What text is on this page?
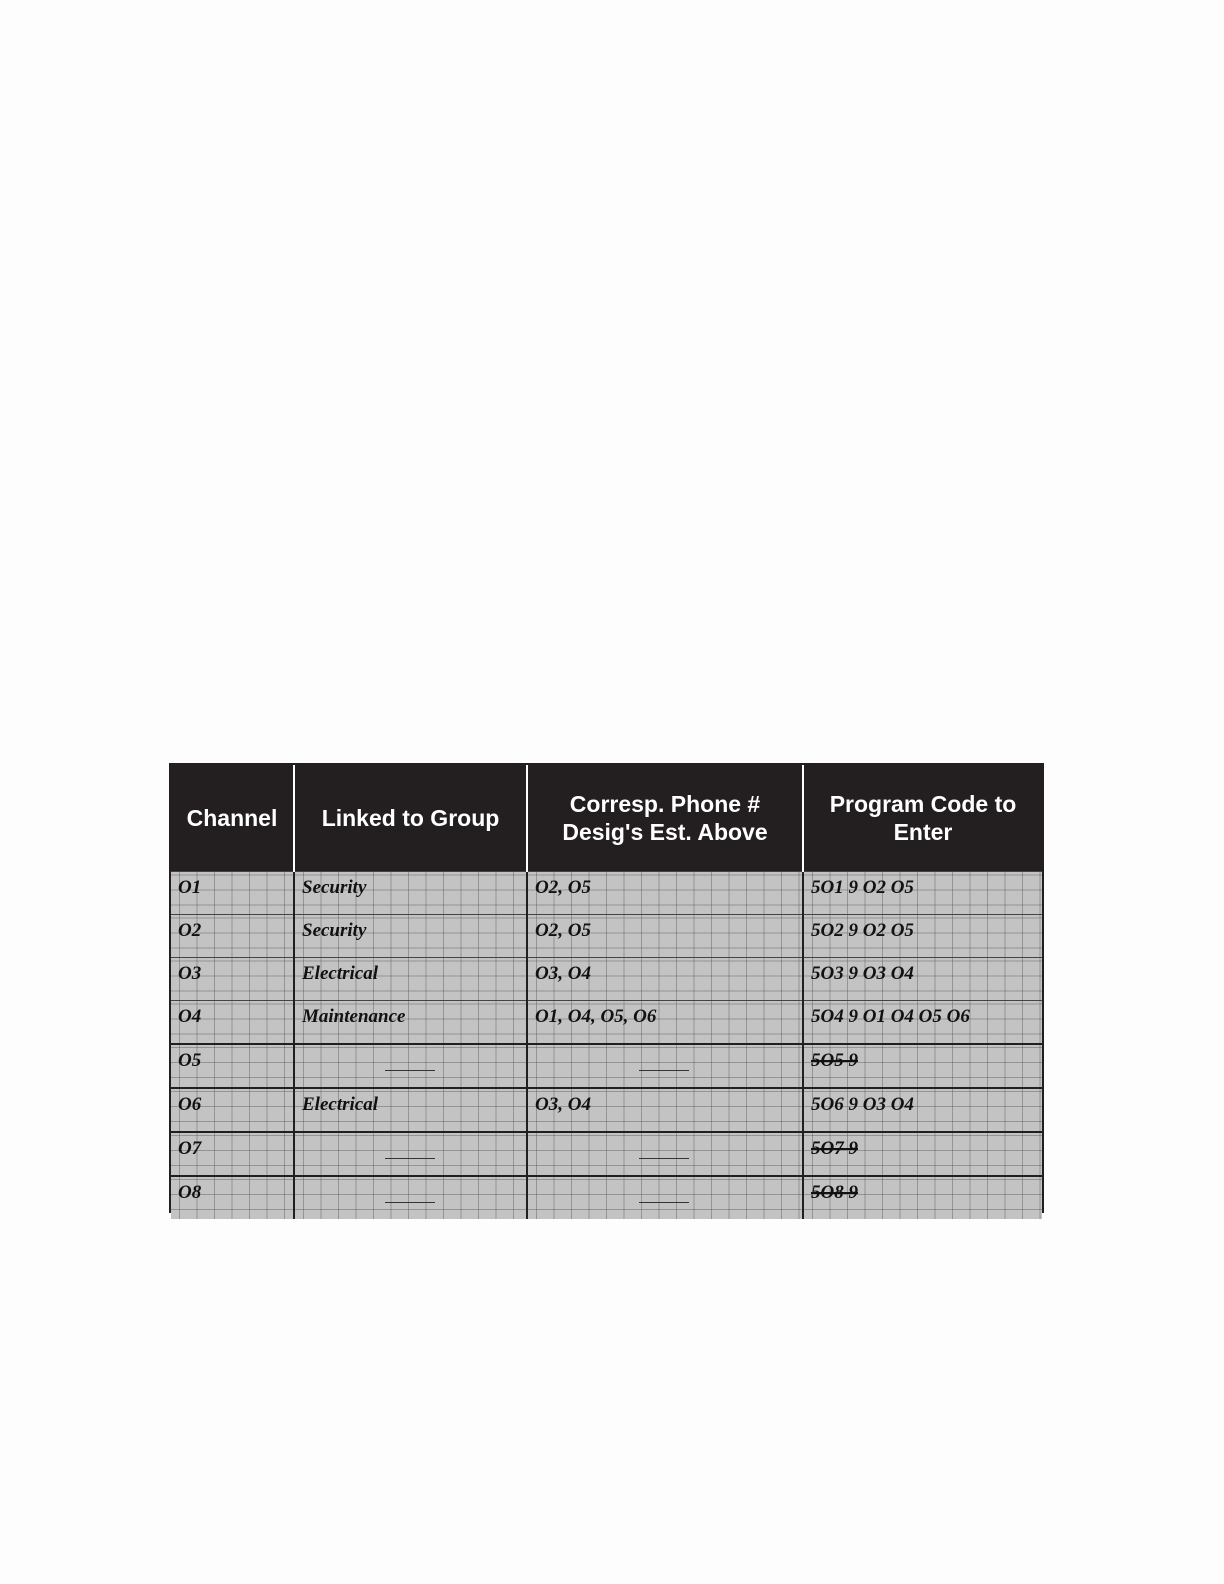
Channel	Linked to Group	Corresp. Phone # Desig's Est. Above	Program Code to Enter
O1	Security	O2, O5	5O1 9 O2 O5
O2	Security	O2, O5	5O2 9 O2 O5
O3	Electrical	O3, O4	5O3 9 O3 O4
O4	Maintenance	O1, O4, O5, O6	5O4 9 O1 O4 O5 O6
O5			5O5 9
O6	Electrical	O3, O4	5O6 9 O3 O4
O7			5O7 9
O8			5O8 9
